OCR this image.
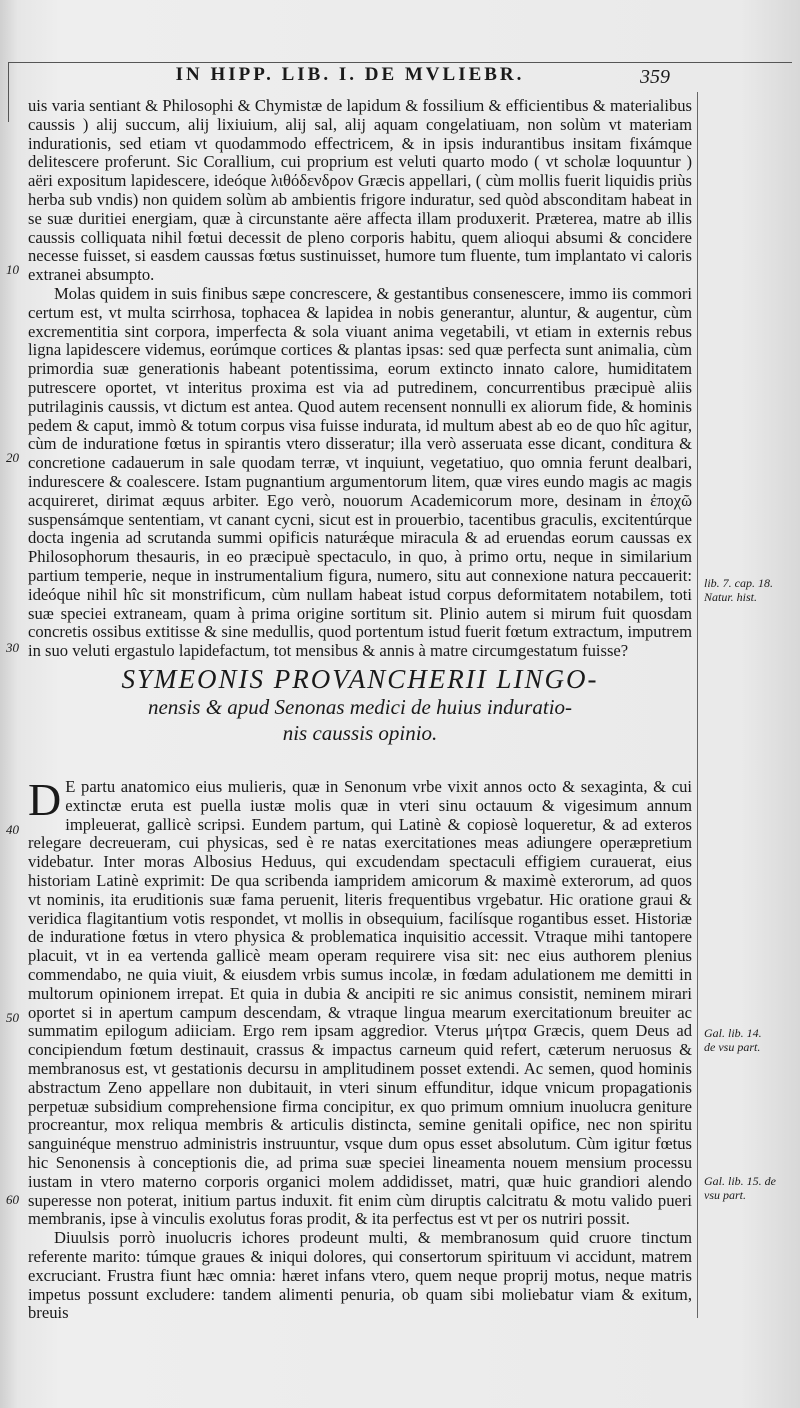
IN HIPP. LIB. I. DE MVLIEBR.	359
10
20
30
40
50
60

uis varia sentiant & Philosophi & Chymistæ de lapidum & fossilium & efficientibus & materialibus caussis ) alij succum, alij lixiuium, alij sal, alij aquam congelatiuam, non solùm vt materiam indurationis, sed etiam vt quodammodo effectricem, & in ipsis indurantibus insitam fixámque delitescere proferunt. Sic Corallium, cui proprium est veluti quarto modo ( vt scholæ loquuntur ) aëri expositum lapidescere, ideóque λιθόδενδρον Græcis appellari, ( cùm mollis fuerit liquidis priùs herba sub vndis) non quidem solùm ab ambientis frigore induratur, sed quòd absconditam habeat in se suæ duritiei energiam, quæ à circunstante aëre affecta illam produxerit. Præterea, matre ab illis caussis colliquata nihil fœtui decessit de pleno corporis habitu, quem alioqui absumi & concidere necesse fuisset, si easdem caussas fœtus sustinuisset, humore tum fluente, tum implantato vi caloris extranei absumpto.

Molas quidem in suis finibus sæpe concrescere, & gestantibus consenescere, immo iis commori certum est, vt multa scirrhosa, tophacea & lapidea in nobis generantur, aluntur, & augentur, cùm excrementitia sint corpora, imperfecta & sola viuant anima vegetabili, vt etiam in externis rebus ligna lapidescere videmus, eorúmque cortices & plantas ipsas: sed quæ perfecta sunt animalia, cùm primordia suæ generationis habeant potentissima, eorum extincto innato calore, humiditatem putrescere oportet, vt interitus proxima est via ad putredinem, concurrentibus præcipuè aliis putrilaginis caussis, vt dictum est antea. Quod autem recensent nonnulli ex aliorum fide, & hominis pedem & caput, immò & totum corpus visa fuisse indurata, id multum abest ab eo de quo hîc agitur, cùm de induratione fœtus in spirantis vtero disseratur; illa verò asseruata esse dicant, conditura & concretione cadauerum in sale quodam terræ, vt inquiunt, vegetatiuo, quo omnia ferunt dealbari, indurescere & coalescere. Istam pugnantium argumentorum litem, quæ vires eundo magis ac magis acquireret, dirimat æquus arbiter. Ego verò, nouorum Academicorum more, desinam in ἐποχῶ suspensámque sententiam, vt canant cycni, sicut est in prouerbio, tacentibus graculis, excitentúrque docta ingenia ad scrutanda summi opificis naturǽque miracula & ad eruendas eorum caussas ex Philosophorum thesauris, in eo præcipuè spectaculo, in quo, à primo ortu, neque in similarium partium temperie, neque in instrumentalium figura, numero, situ aut connexione natura peccauerit: ideóque nihil hîc sit monstrificum, cùm nullam habeat istud corpus deformitatem notabilem, toti suæ speciei extraneam, quam à prima origine sortitum sit. Plinio autem si mirum fuit quosdam concretis ossibus extitisse & sine medullis, quod portentum istud fuerit fœtum extractum, imputrem in suo veluti ergastulo lapidefactum, tot mensibus & annis à matre circumgestatum fuisse?

SYMEONIS PROVANCHERII LINGO-
nensis & apud Senonas medici de huius induratio-
nis caussis opinio.

D E partu anatomico eius mulieris, quæ in Senonum vrbe vixit annos octo & sexaginta, & cui extinctæ eruta est puella iustæ molis quæ in vteri sinu octauum & vigesimum annum impleuerat, gallicè scripsi. Eundem partum, qui Latinè & copiosè loqueretur, & ad exteros relegare decreueram, cui physicas, sed è re natas exercitationes meas adiungere operæpretium videbatur. Inter moras Albosius Heduus, qui excudendam spectaculi effigiem curauerat, eius historiam Latinè exprimit: De qua scribenda iampridem amicorum & maximè exterorum, ad quos vt nominis, ita eruditionis suæ fama peruenit, literis frequentibus vrgebatur. Hic oratione graui & veridica flagitantium votis respondet, vt mollis in obsequium, facilísque rogantibus esset. Historiæ de induratione fœtus in vtero physica & problematica inquisitio accessit. Vtraque mihi tantopere placuit, vt in ea vertenda gallicè meam operam requirere visa sit: nec eius authorem plenius commendabo, ne quia viuit, & eiusdem vrbis sumus incolæ, in fœdam adulationem me demitti in multorum opinionem irrepat. Et quia in dubia & ancipiti re sic animus consistit, neminem mirari oportet si in apertum campum descendam, & vtraque lingua mearum exercitationum breuiter ac summatim epilogum adiiciam. Ergo rem ipsam aggredior. Vterus μήτρα Græcis, quem Deus ad concipiendum fœtum destinauit, crassus & impactus carneum quid refert, cæterum neruosus & membranosus est, vt gestationis decursu in amplitudinem posset extendi. Ac semen, quod hominis abstractum Zeno appellare non dubitauit, in vteri sinum effunditur, idque vnicum propagationis perpetuæ subsidium comprehensione firma concipitur, ex quo primum omnium inuolucra geniture procreantur, mox reliqua membris & articulis distincta, semine genitali opifice, nec non spiritu sanguinéque menstruo administris instruuntur, vsque dum opus esset absolutum. Cùm igitur fœtus hic Senonensis à conceptionis die, ad prima suæ speciei lineamenta nouem mensium processu iustam in vtero materno corporis organici molem addidisset, matri, quæ huic grandiori alendo superesse non poterat, initium partus induxit. fit enim cùm diruptis calcitratu & motu valido pueri membranis, ipse à vinculis exolutus foras prodit, & ita perfectus est vt per os nutriri possit.

Diuulsis porrò inuolucris ichores prodeunt multi, & membranosum quid cruore tinctum referente marito: túmque graues & iniqui dolores, qui consertorum spirituum vi accidunt, matrem excruciant. Frustra fiunt hæc omnia: hæret infans vtero, quem neque proprij motus, neque matris impetus possunt excludere: tandem alimenti penuria, ob quam sibi moliebatur viam & exitum, breuis

lib. 7. cap. 18.
Natur. hist.
Gal. lib. 14.
de vsu part.
Gal. lib. 15. de
vsu part.
